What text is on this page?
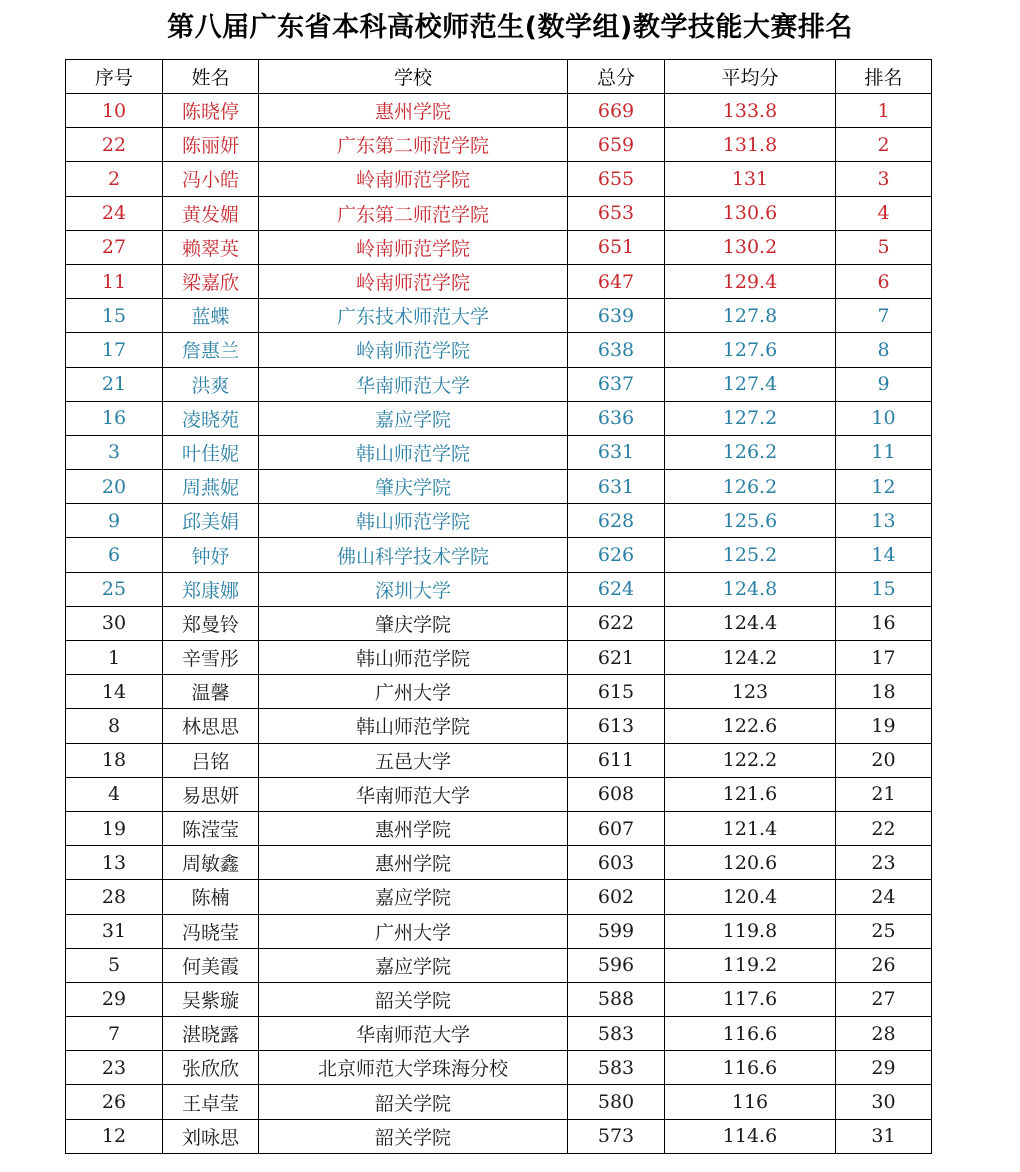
第八届广东省本科高校师范生(数学组)教学技能大赛排名
序号	姓名	学校	总分	平均分	排名
10	陈晓停	惠州学院	669	133.8	1
22	陈丽妍	广东第二师范学院	659	131.8	2
2	冯小皓	岭南师范学院	655	131	3
24	黄发媚	广东第二师范学院	653	130.6	4
27	赖翠英	岭南师范学院	651	130.2	5
11	梁嘉欣	岭南师范学院	647	129.4	6
15	蓝蝶	广东技术师范大学	639	127.8	7
17	詹惠兰	岭南师范学院	638	127.6	8
21	洪爽	华南师范大学	637	127.4	9
16	凌晓苑	嘉应学院	636	127.2	10
3	叶佳妮	韩山师范学院	631	126.2	11
20	周燕妮	肇庆学院	631	126.2	12
9	邱美娟	韩山师范学院	628	125.6	13
6	钟妤	佛山科学技术学院	626	125.2	14
25	郑康娜	深圳大学	624	124.8	15
30	郑曼铃	肇庆学院	622	124.4	16
1	辛雪彤	韩山师范学院	621	124.2	17
14	温馨	广州大学	615	123	18
8	林思思	韩山师范学院	613	122.6	19
18	吕铭	五邑大学	611	122.2	20
4	易思妍	华南师范大学	608	121.6	21
19	陈滢莹	惠州学院	607	121.4	22
13	周敏鑫	惠州学院	603	120.6	23
28	陈楠	嘉应学院	602	120.4	24
31	冯晓莹	广州大学	599	119.8	25
5	何美霞	嘉应学院	596	119.2	26
29	吴紫璇	韶关学院	588	117.6	27
7	湛晓露	华南师范大学	583	116.6	28
23	张欣欣	北京师范大学珠海分校	583	116.6	29
26	王卓莹	韶关学院	580	116	30
12	刘咏思	韶关学院	573	114.6	31
